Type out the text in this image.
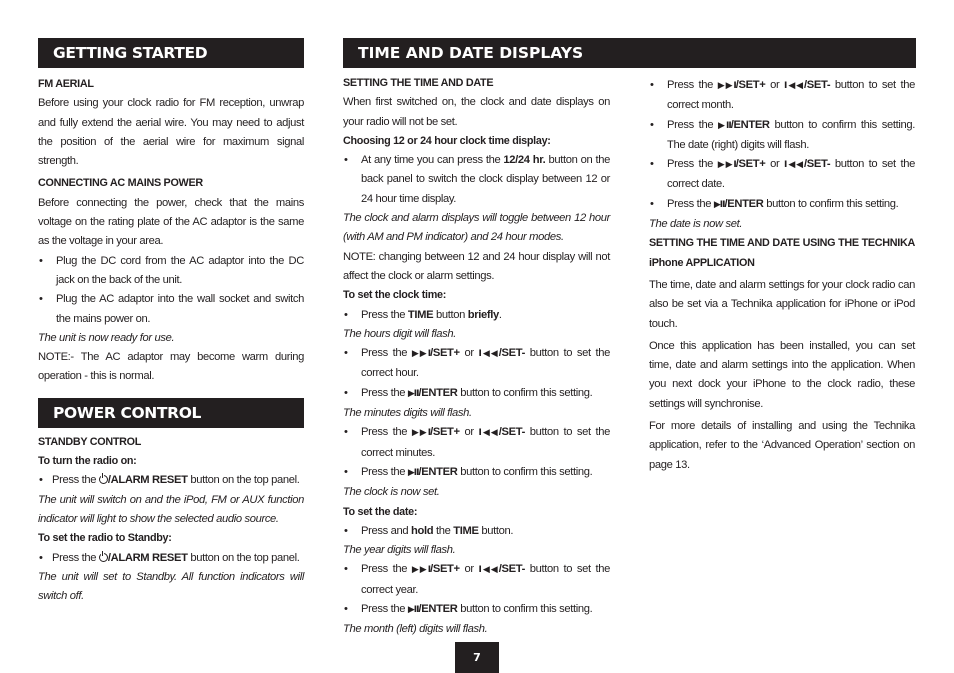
GETTING STARTED
FM AERIAL

Before using your clock radio for FM reception, unwrap and fully extend the aerial wire. You may need to adjust the position of the aerial wire for maximum signal strength.

CONNECTING AC MAINS POWER

Before connecting the power, check that the mains voltage on the rating plate of the AC adaptor is the same as the voltage in your area.

• Plug the DC cord from the AC adaptor into the DC jack on the back of the unit.

• Plug the AC adaptor into the wall socket and switch the mains power on.

The unit is now ready for use.

NOTE:- The AC adaptor may become warm during operation - this is normal.

POWER CONTROL
STANDBY CONTROL
To turn the radio on:

• Press the /ALARM RESET button on the top panel.

The unit will switch on and the iPod, FM or AUX function indicator will light to show the selected audio source.

To set the radio to Standby:

• Press the /ALARM RESET button on the top panel.

The unit will set to Standby. All function indicators will switch off.

TIME AND DATE DISPLAYS
SETTING THE TIME AND DATE

When first switched on, the clock and date displays on your radio will not be set.

Choosing 12 or 24 hour clock time display:

• At any time you can press the 12/24 hr. button on the back panel to switch the clock display between 12 or 24 hour time display.

The clock and alarm displays will toggle between 12 hour (with AM and PM indicator) and 24 hour modes.

NOTE: changing between 12 and 24 hour display will not affect the clock or alarm settings.

To set the clock time:

• Press the TIME button briefly.

The hours digit will flash.

• Press the ▶▶I/SET+ or I◀◀/SET- button to set the correct hour.

• Press the ▶II/ENTER button to confirm this setting.

The minutes digits will flash.

• Press the ▶▶I/SET+ or I◀◀/SET- button to set the correct minutes.

• Press the ▶II/ENTER button to confirm this setting.

The clock is now set.

To set the date:

• Press and hold the TIME button.

The year digits will flash.

• Press the ▶▶I/SET+ or I◀◀/SET- button to set the correct year.

• Press the ▶II/ENTER button to confirm this setting.

The month (left) digits will flash.

• Press the ▶▶I/SET+ or I◀◀/SET- button to set the correct month.

• Press the ▶II/ENTER button to confirm this setting. The date (right) digits will flash.

• Press the ▶▶I/SET+ or I◀◀/SET- button to set the correct date.

• Press the ▶II/ENTER button to confirm this setting.

The date is now set.

SETTING THE TIME AND DATE USING THE TECHNIKA iPhone APPLICATION

The time, date and alarm settings for your clock radio can also be set via a Technika application for iPhone or iPod touch.

Once this application has been installed, you can set time, date and alarm settings into the application. When you next dock your iPhone to the clock radio, these settings will synchronise.

For more details of installing and using the Technika application, refer to the ‘Advanced Operation’ section on page 13.

7
